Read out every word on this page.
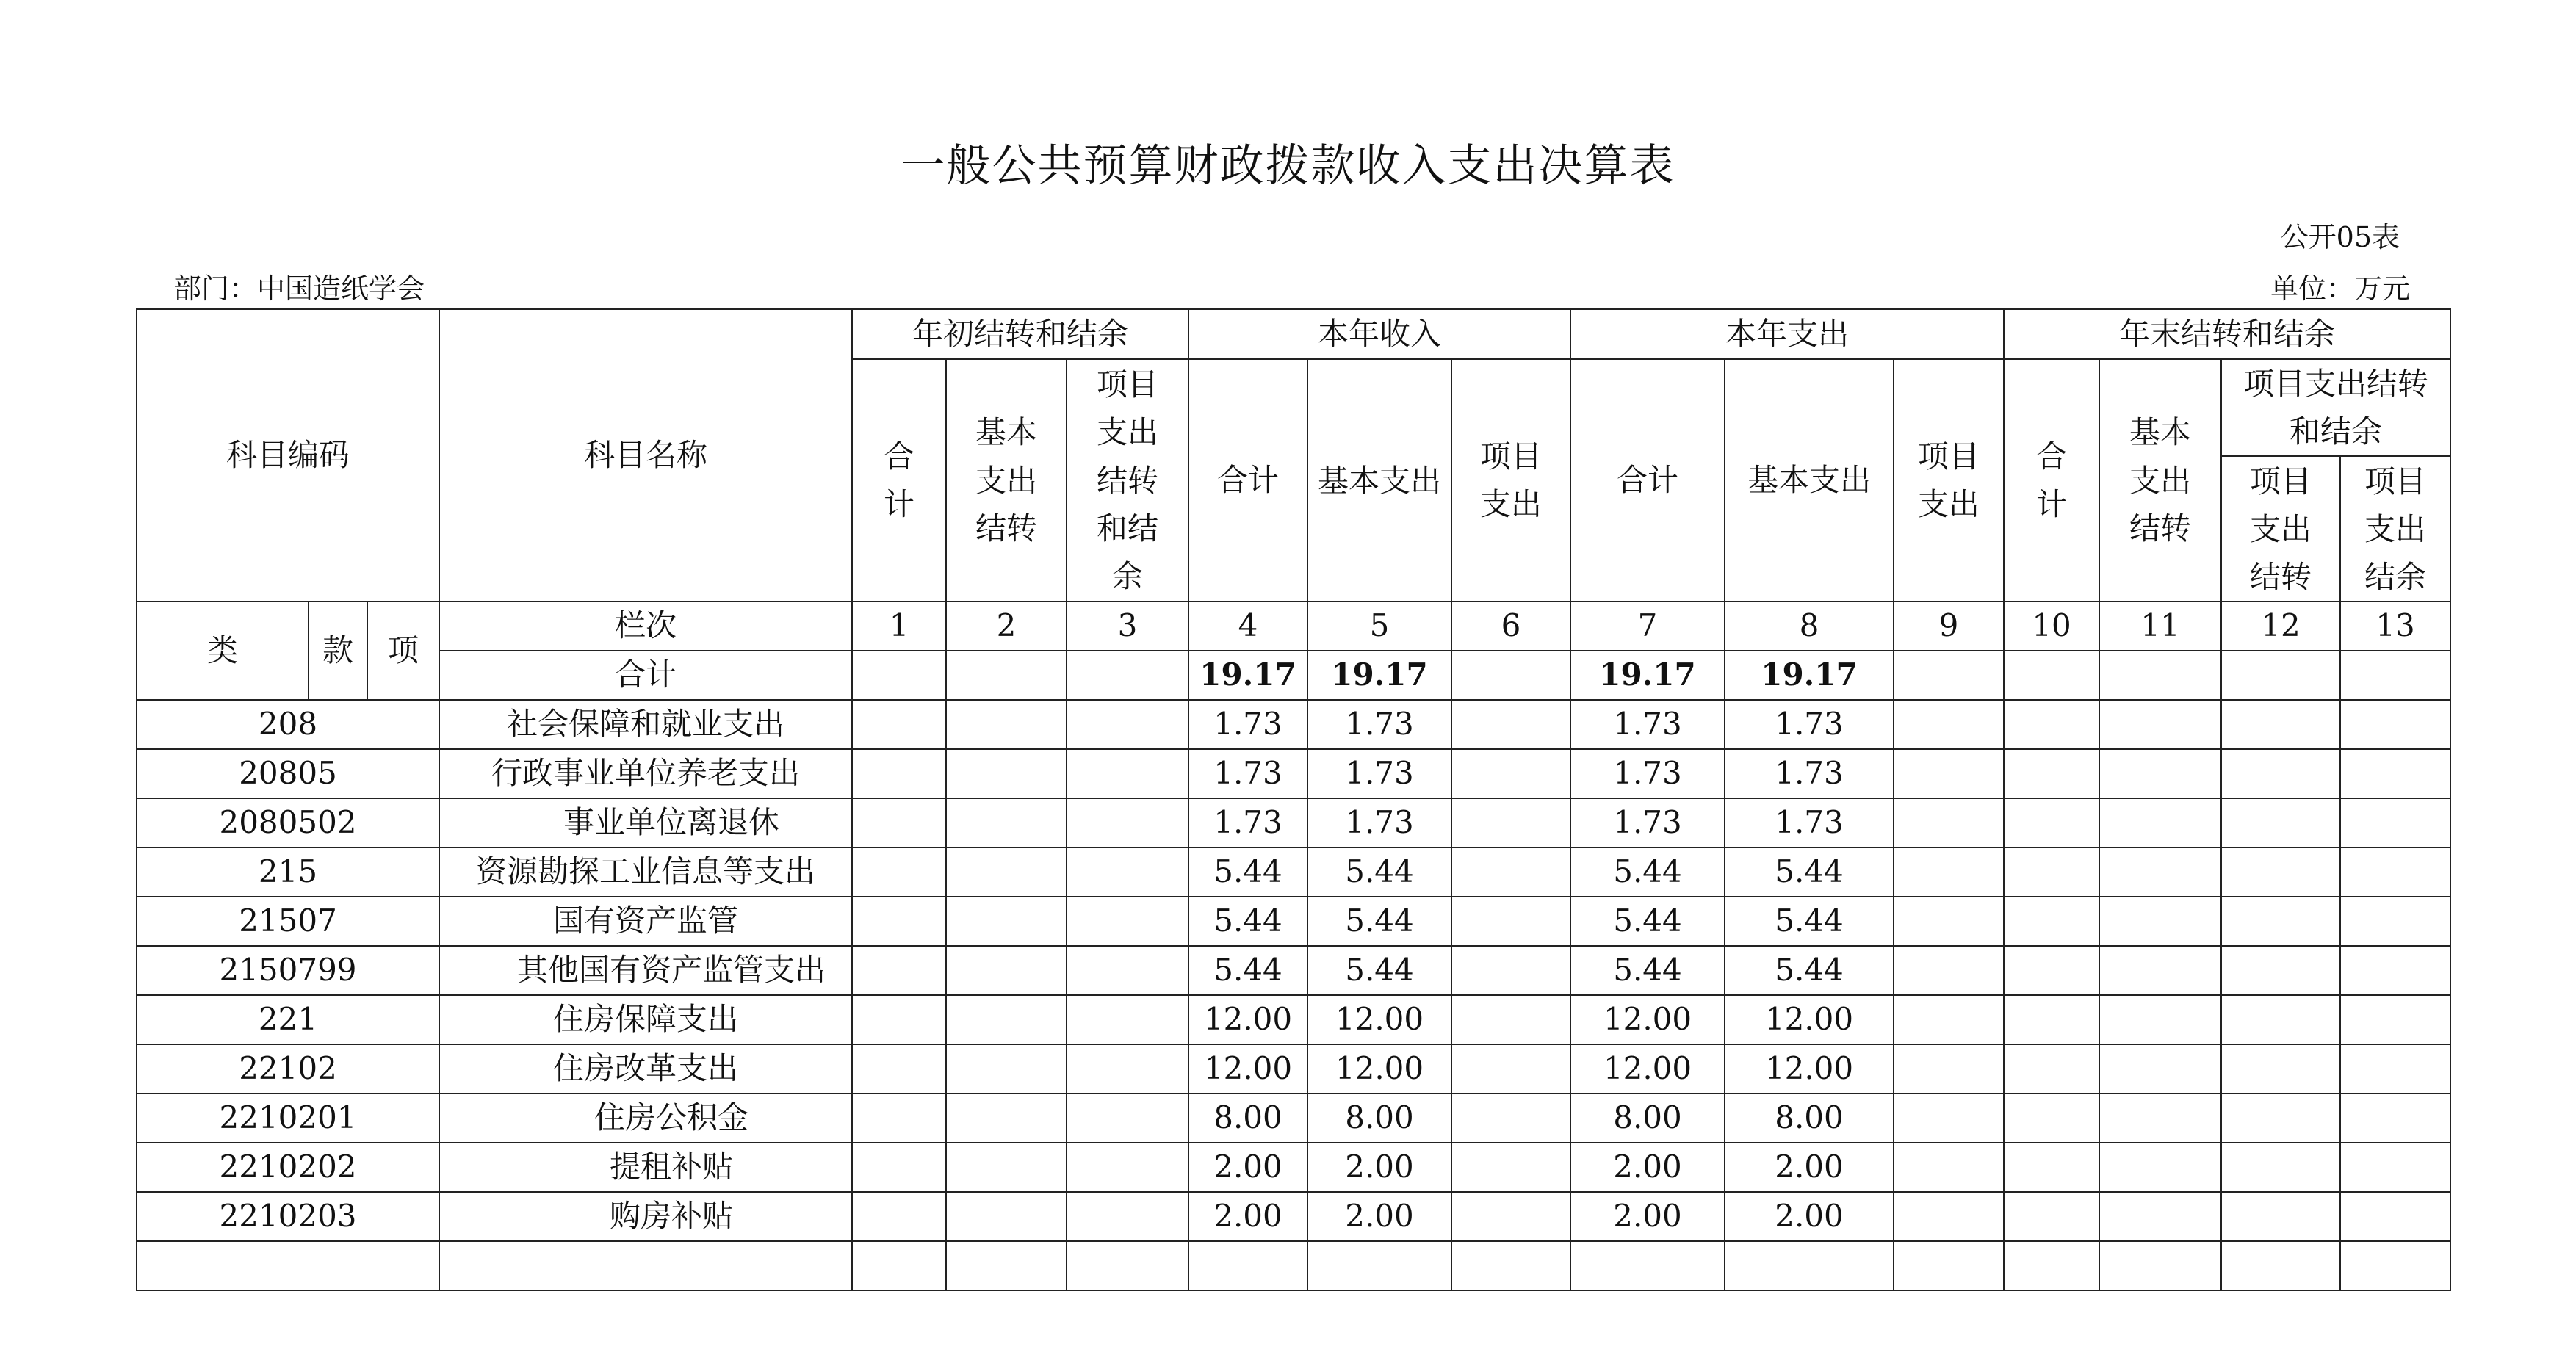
一般公共预算财政拨款收入支出决算表
公开05表
部门：中国造纸学会	单位：万元
科目编码			科目名称	年初结转和结余			本年收入			本年支出			年末结转和结余			
				合计	基本支出结转	项目支出结转和结余	合计	基本支出	项目支出	合计	基本支出	项目支出	合计	基本支出结转	项目支出结转和结余	
															项目支出结转	项目支出结余
类	款	项	栏次	1	2	3	4	5	6	7	8	9	10	11	12	13
			合计				19.17	19.17		19.17	19.17					
208			社会保障和就业支出				1.73	1.73		1.73	1.73					
20805			行政事业单位养老支出				1.73	1.73		1.73	1.73					
2080502			事业单位离退休				1.73	1.73		1.73	1.73					
215			资源勘探工业信息等支出				5.44	5.44		5.44	5.44					
21507			国有资产监管				5.44	5.44		5.44	5.44					
2150799			其他国有资产监管支出				5.44	5.44		5.44	5.44					
221			住房保障支出				12.00	12.00		12.00	12.00					
22102			住房改革支出				12.00	12.00		12.00	12.00					
2210201			住房公积金				8.00	8.00		8.00	8.00					
2210202			提租补贴				2.00	2.00		2.00	2.00					
2210203			购房补贴				2.00	2.00		2.00	2.00					
